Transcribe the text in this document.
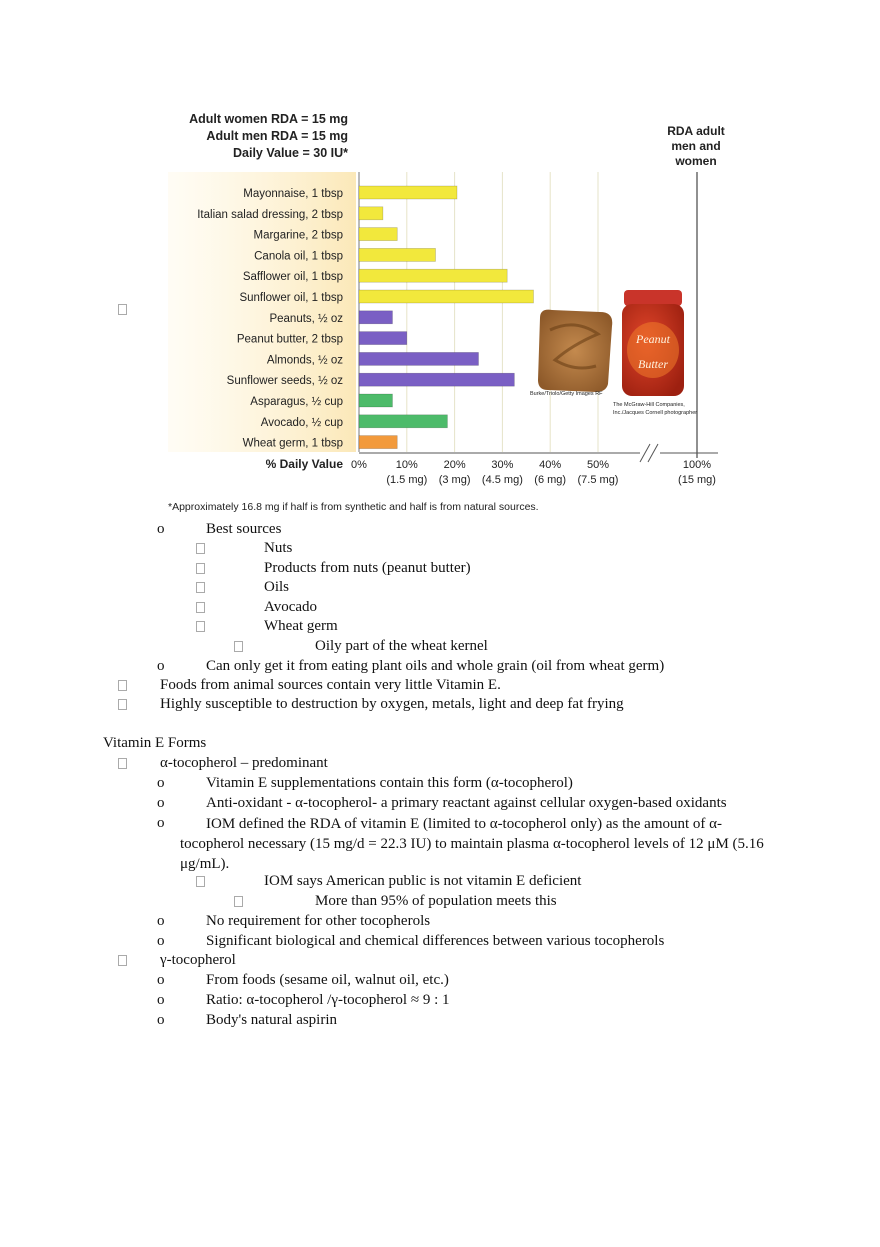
Adult women RDA = 15 mg
Adult men RDA = 15 mg
Daily Value = 30 IU*
RDA adult
men and
women
Mayonnaise, 1 tbsp
Italian salad dressing, 2 tbsp
Margarine, 2 tbsp
Canola oil, 1 tbsp
Safflower oil, 1 tbsp
Sunflower oil, 1 tbsp
Peanuts, ½ oz
Peanut butter, 2 tbsp
Almonds, ½ oz
Sunflower seeds, ½ oz
Asparagus, ½ cup
Avocado, ½ cup
Wheat germ, 1 tbsp
% Daily Value 0%	10%
(1.5 mg)
20%
(3 mg)
30%
(4.5 mg)
40%
(6 mg)
50%
(7.5 mg)
100%
(15 mg)
Peanut
Butter
Burke/Triolo/Getty Images RF
The McGraw-Hill Companies,
Inc./Jacques Cornell photographer
*Approximately 16.8 mg if half is from synthetic and half is from natural sources.
o	Best sources
Nuts
Products from nuts (peanut butter)
Oils
Avocado
Wheat germ
Oily part of the wheat kernel
o	Can only get it from eating plant oils and whole grain (oil from wheat germ)
Foods from animal sources contain very little Vitamin E.
Highly susceptible to destruction by oxygen, metals, light and deep fat frying
Vitamin E Forms
α-tocopherol – predominant
o	Vitamin E supplementations contain this form (α-tocopherol)
o	Anti-oxidant - α-tocopherol- a primary reactant against cellular oxygen-based oxidants
o	IOM defined the RDA of vitamin E (limited to α-tocopherol only) as the amount of α-tocopherol necessary (15 mg/d = 22.3 IU) to maintain plasma α-tocopherol levels of 12 μM (5.16 μg/mL).
IOM says American public is not vitamin E deficient
More than 95% of population meets this
o	No requirement for other tocopherols
o	Significant biological and chemical differences between various tocopherols
γ-tocopherol
o	From foods (sesame oil, walnut oil, etc.)
o	Ratio: α-tocopherol /γ-tocopherol ≈ 9 : 1
o	Body's natural aspirin
